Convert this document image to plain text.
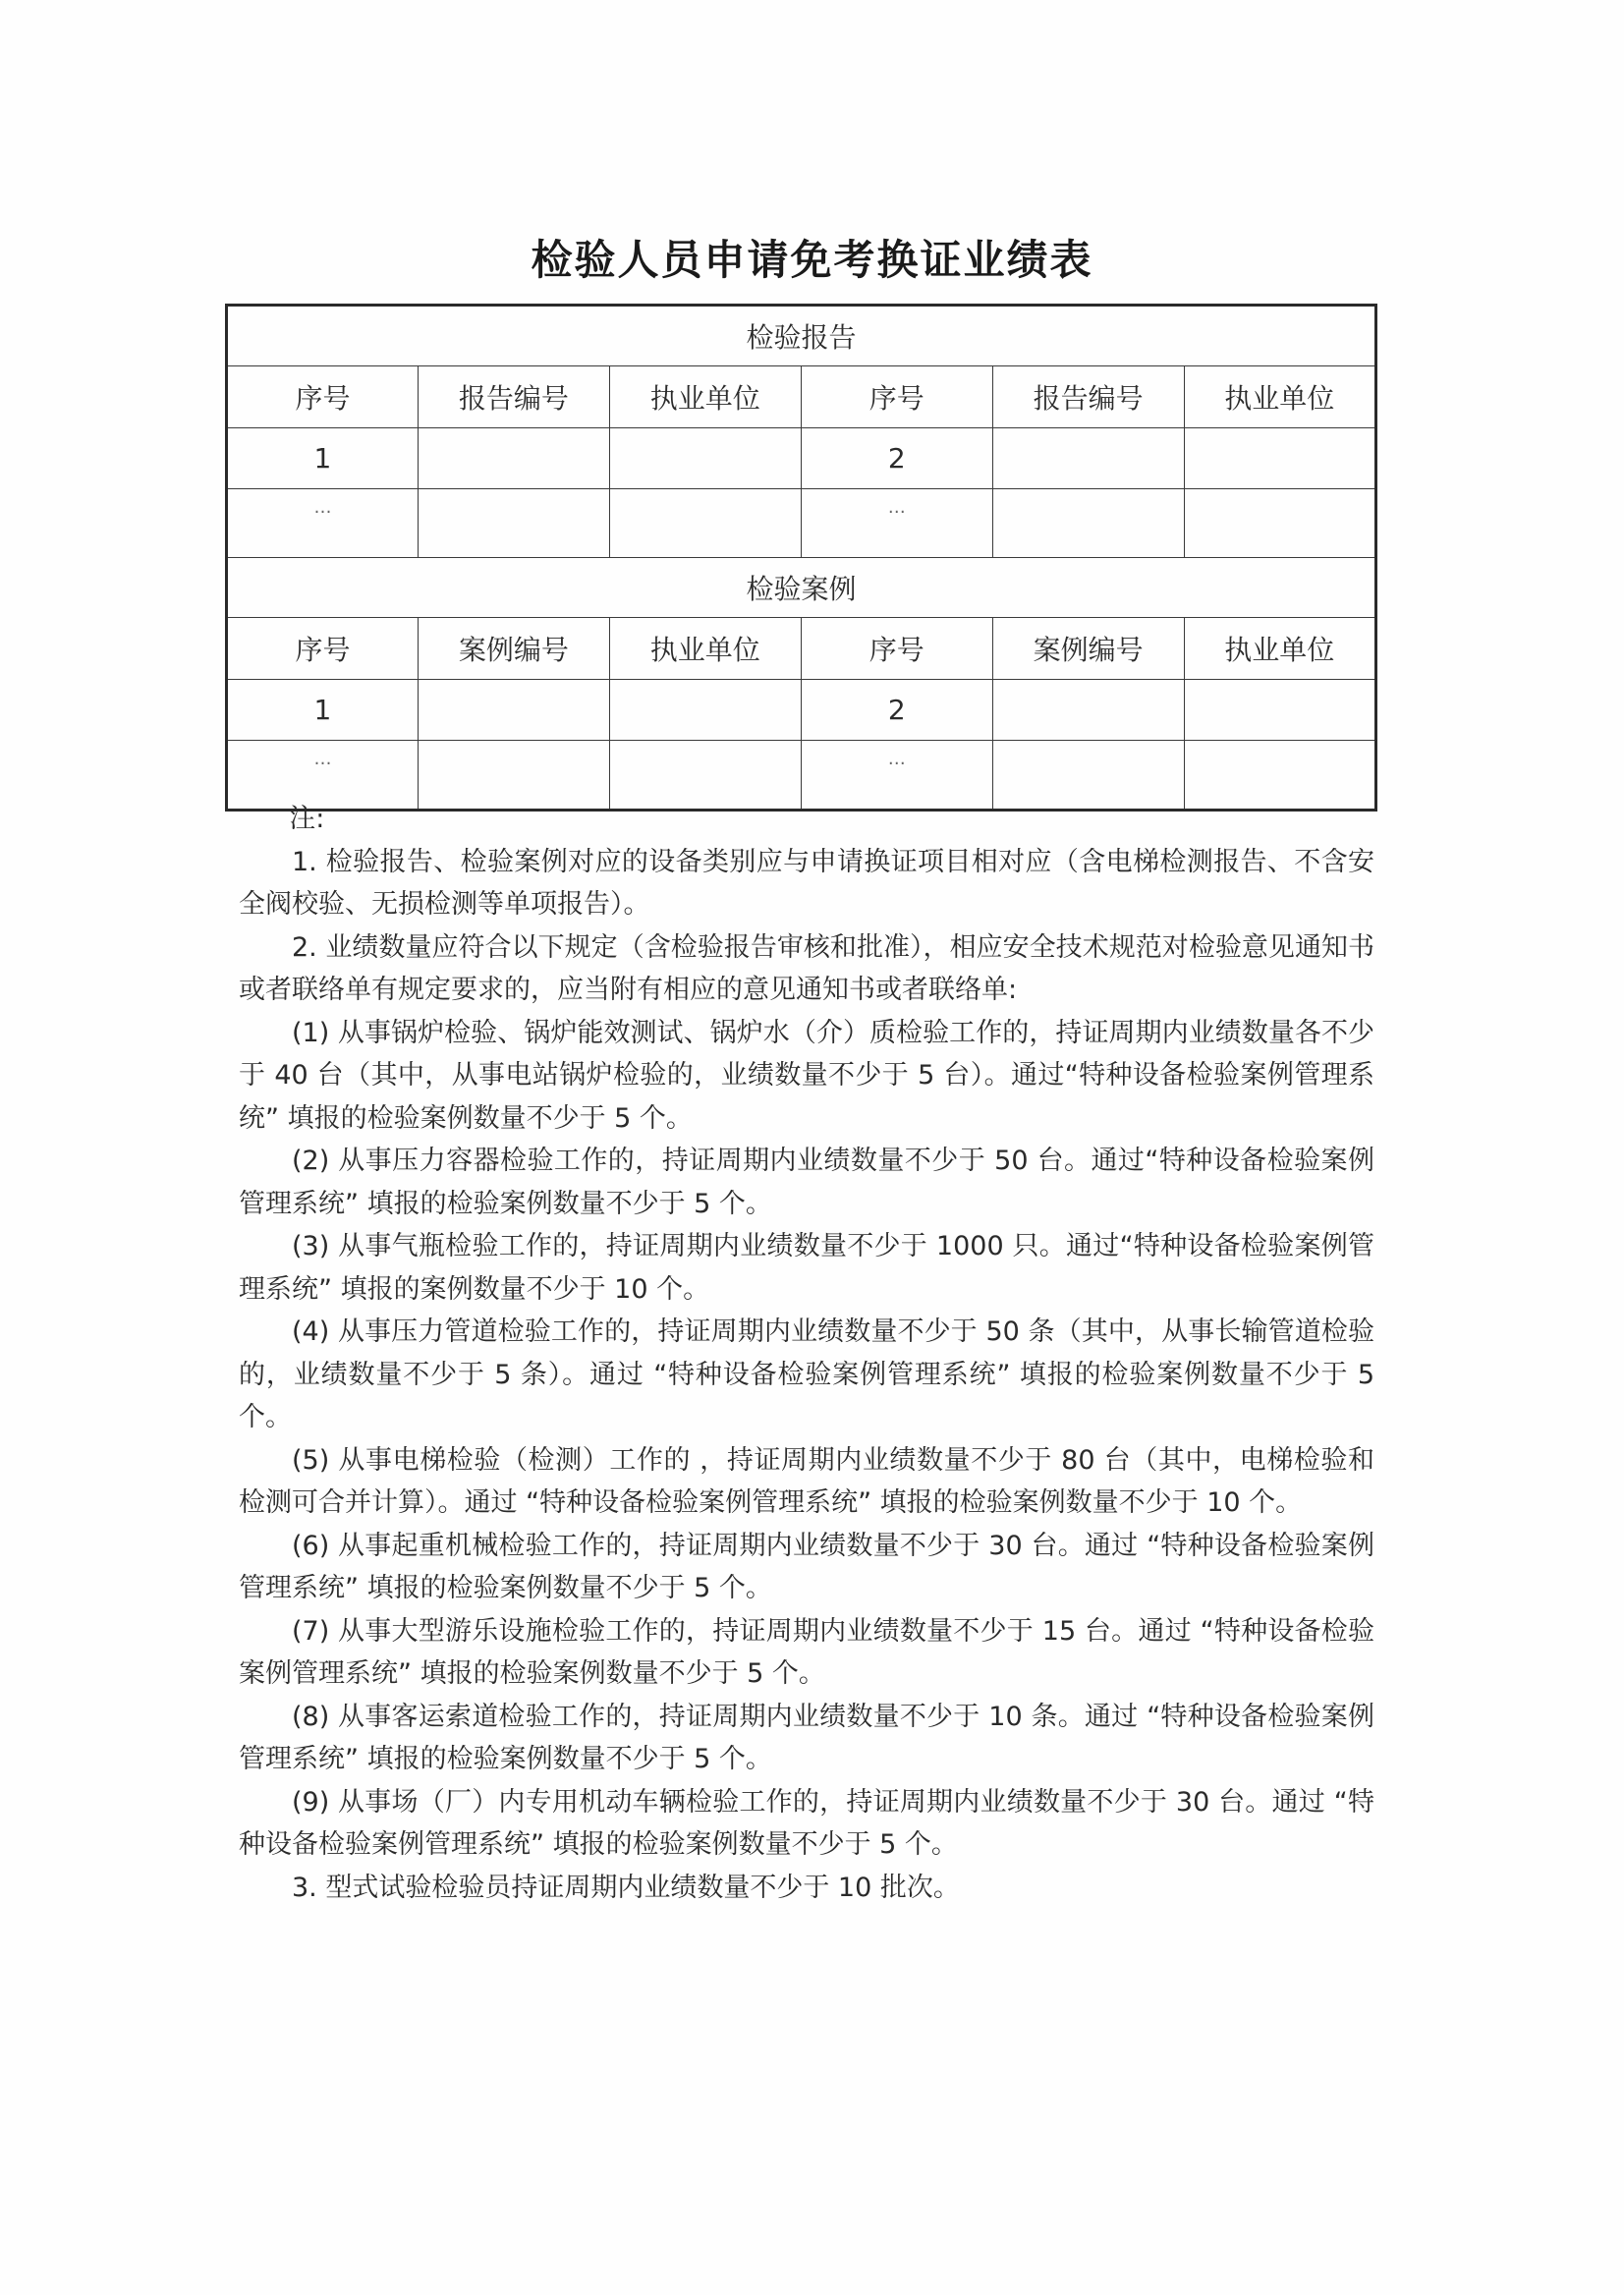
检验人员申请免考换证业绩表
检验报告					
序号	报告编号	执业单位	序号	报告编号	执业单位
1			2		
…			…		
检验案例					
序号	案例编号	执业单位	序号	案例编号	执业单位
1			2		
…			…		

注:

1. 检验报告、检验案例对应的设备类别应与申请换证项目相对应（含电梯检测报告、不含安全阀校验、无损检测等单项报告）。

2. 业绩数量应符合以下规定（含检验报告审核和批准），相应安全技术规范对检验意见通知书或者联络单有规定要求的，应当附有相应的意见通知书或者联络单:

(1) 从事锅炉检验、锅炉能效测试、锅炉水（介）质检验工作的，持证周期内业绩数量各不少于 40 台（其中，从事电站锅炉检验的，业绩数量不少于 5 台）。通过“特种设备检验案例管理系统” 填报的检验案例数量不少于 5 个。

(2) 从事压力容器检验工作的，持证周期内业绩数量不少于 50 台。通过“特种设备检验案例管理系统” 填报的检验案例数量不少于 5 个。

(3) 从事气瓶检验工作的，持证周期内业绩数量不少于 1000 只。通过“特种设备检验案例管理系统” 填报的案例数量不少于 10 个。

(4) 从事压力管道检验工作的，持证周期内业绩数量不少于 50 条（其中，从事长输管道检验的，业绩数量不少于 5 条）。通过 “特种设备检验案例管理系统” 填报的检验案例数量不少于 5 个。

(5) 从事电梯检验（检测）工作的 ，持证周期内业绩数量不少于 80 台（其中，电梯检验和检测可合并计算）。通过 “特种设备检验案例管理系统” 填报的检验案例数量不少于 10 个。

(6) 从事起重机械检验工作的，持证周期内业绩数量不少于 30 台。通过 “特种设备检验案例管理系统” 填报的检验案例数量不少于 5 个。

(7) 从事大型游乐设施检验工作的，持证周期内业绩数量不少于 15 台。通过 “特种设备检验案例管理系统” 填报的检验案例数量不少于 5 个。

(8) 从事客运索道检验工作的，持证周期内业绩数量不少于 10 条。通过 “特种设备检验案例管理系统” 填报的检验案例数量不少于 5 个。

(9) 从事场（厂）内专用机动车辆检验工作的，持证周期内业绩数量不少于 30 台。通过 “特种设备检验案例管理系统” 填报的检验案例数量不少于 5 个。

3. 型式试验检验员持证周期内业绩数量不少于 10 批次。
